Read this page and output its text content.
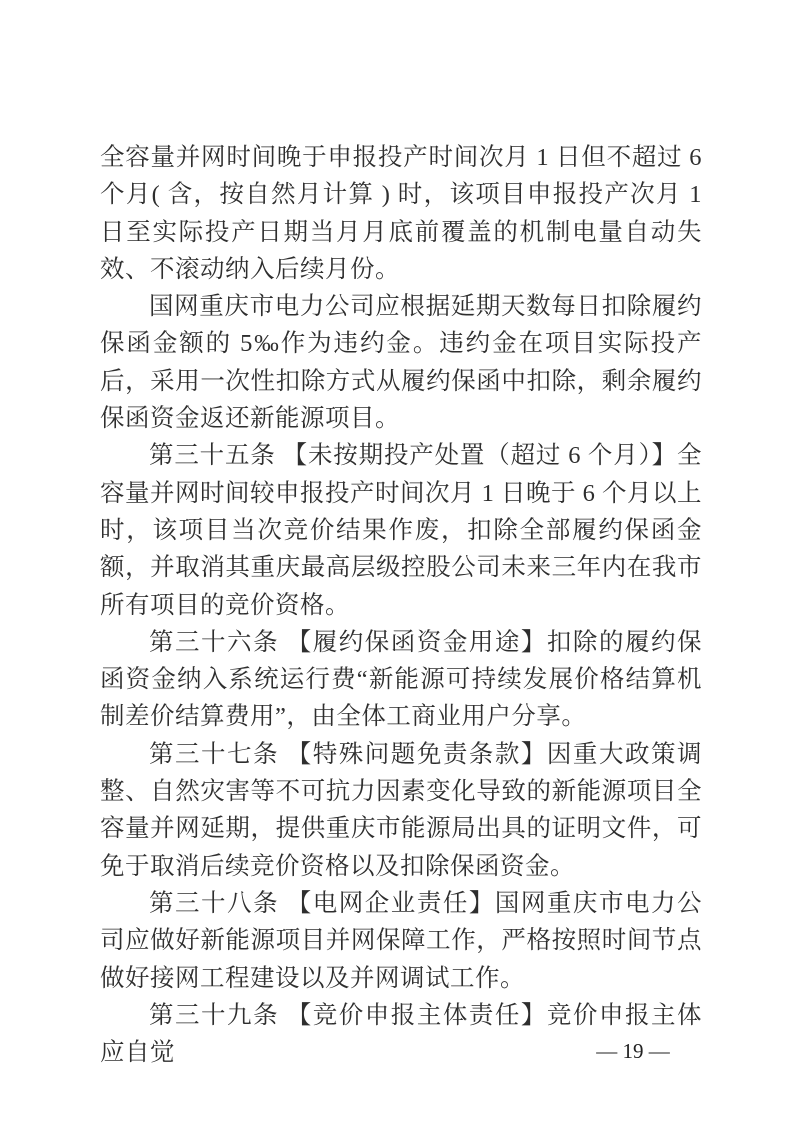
全容量并网时间晚于申报投产时间次月 1 日但不超过 6 个月( 含，按自然月计算 ) 时，该项目申报投产次月 1 日至实际投产日期当月月底前覆盖的机制电量自动失效、不滚动纳入后续月份。

国网重庆市电力公司应根据延期天数每日扣除履约保函金额的 5‰作为违约金。违约金在项目实际投产后，采用一次性扣除方式从履约保函中扣除，剩余履约保函资金返还新能源项目。

第三十五条 【未按期投产处置（超过 6 个月）】全容量并网时间较申报投产时间次月 1 日晚于 6 个月以上时，该项目当次竞价结果作废，扣除全部履约保函金额，并取消其重庆最高层级控股公司未来三年内在我市所有项目的竞价资格。

第三十六条 【履约保函资金用途】扣除的履约保函资金纳入系统运行费“新能源可持续发展价格结算机制差价结算费用”，由全体工商业用户分享。

第三十七条 【特殊问题免责条款】因重大政策调整、自然灾害等不可抗力因素变化导致的新能源项目全容量并网延期，提供重庆市能源局出具的证明文件，可免于取消后续竞价资格以及扣除保函资金。

第三十八条 【电网企业责任】国网重庆市电力公司应做好新能源项目并网保障工作，严格按照时间节点做好接网工程建设以及并网调试工作。

第三十九条 【竞价申报主体责任】竞价申报主体应自觉	— 19 —
